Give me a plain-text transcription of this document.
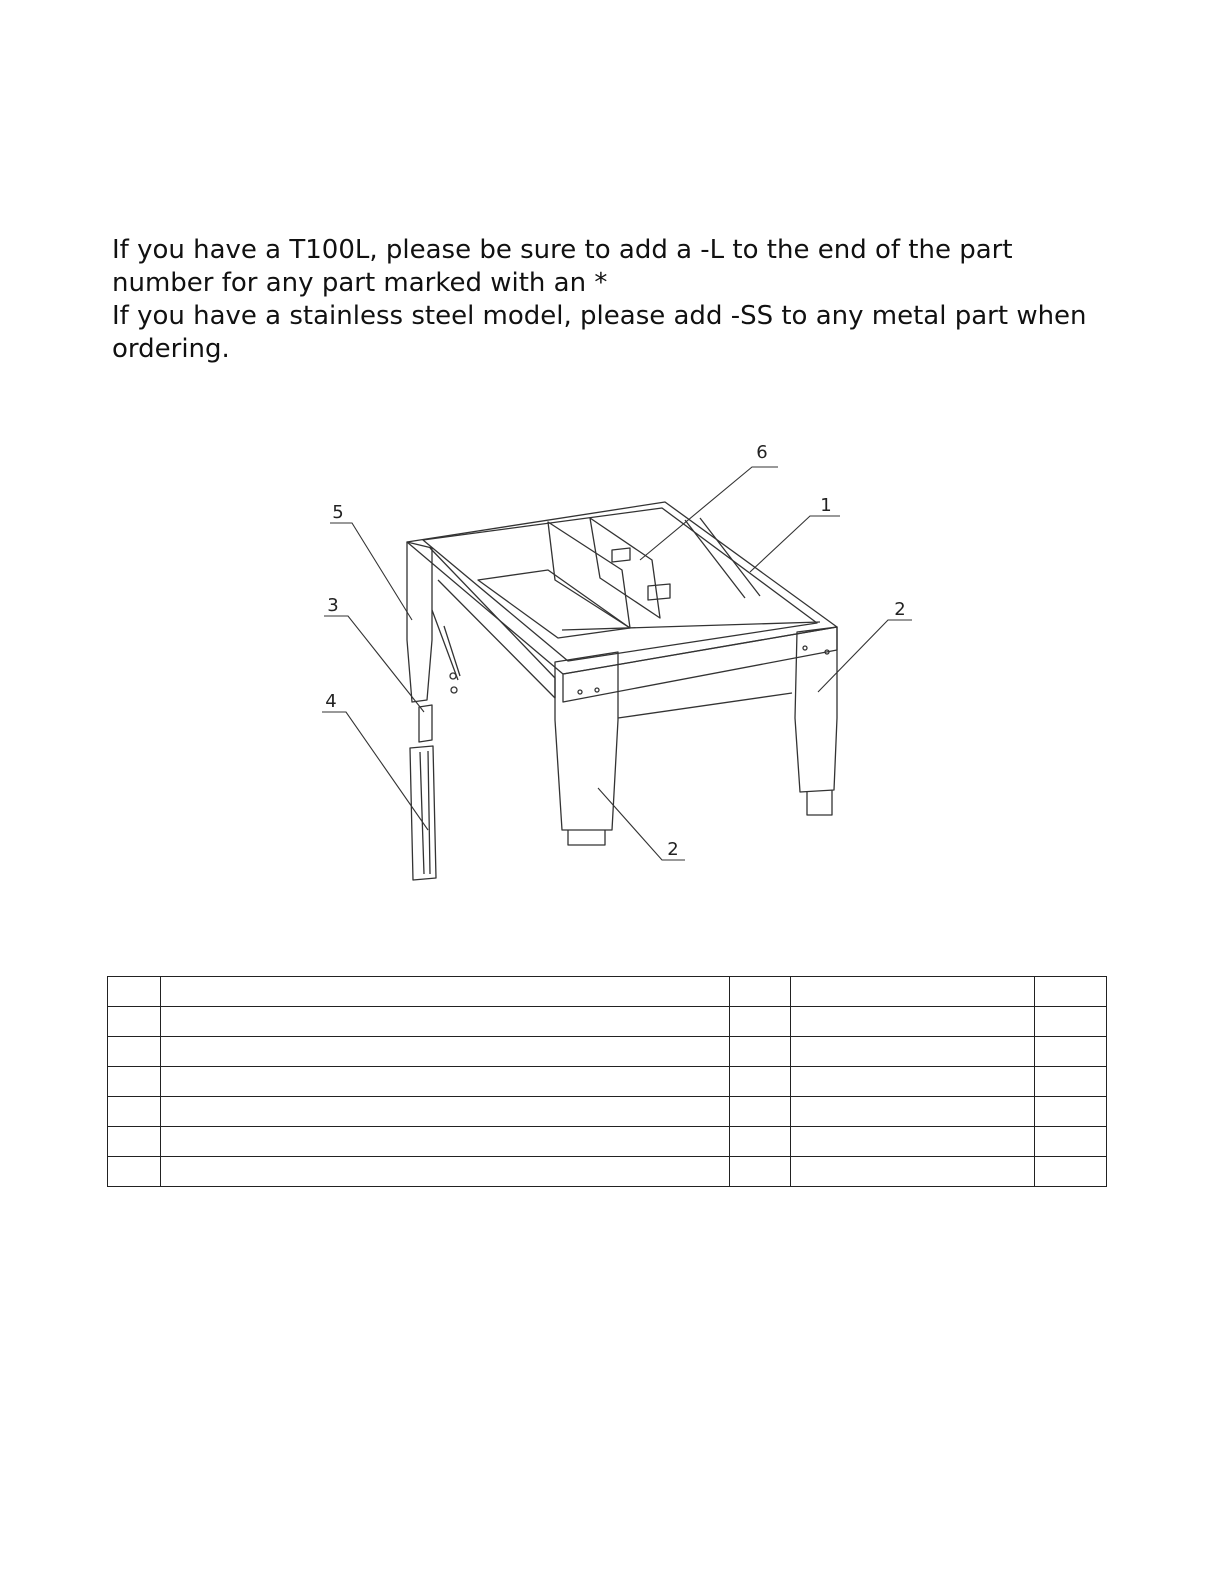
If you have a T100L, please be sure to add a -L to the end of the part number for any part marked with an *

If you have a stainless steel model, please add -SS to any metal part when ordering.

5
3
4
6
1
2
2
